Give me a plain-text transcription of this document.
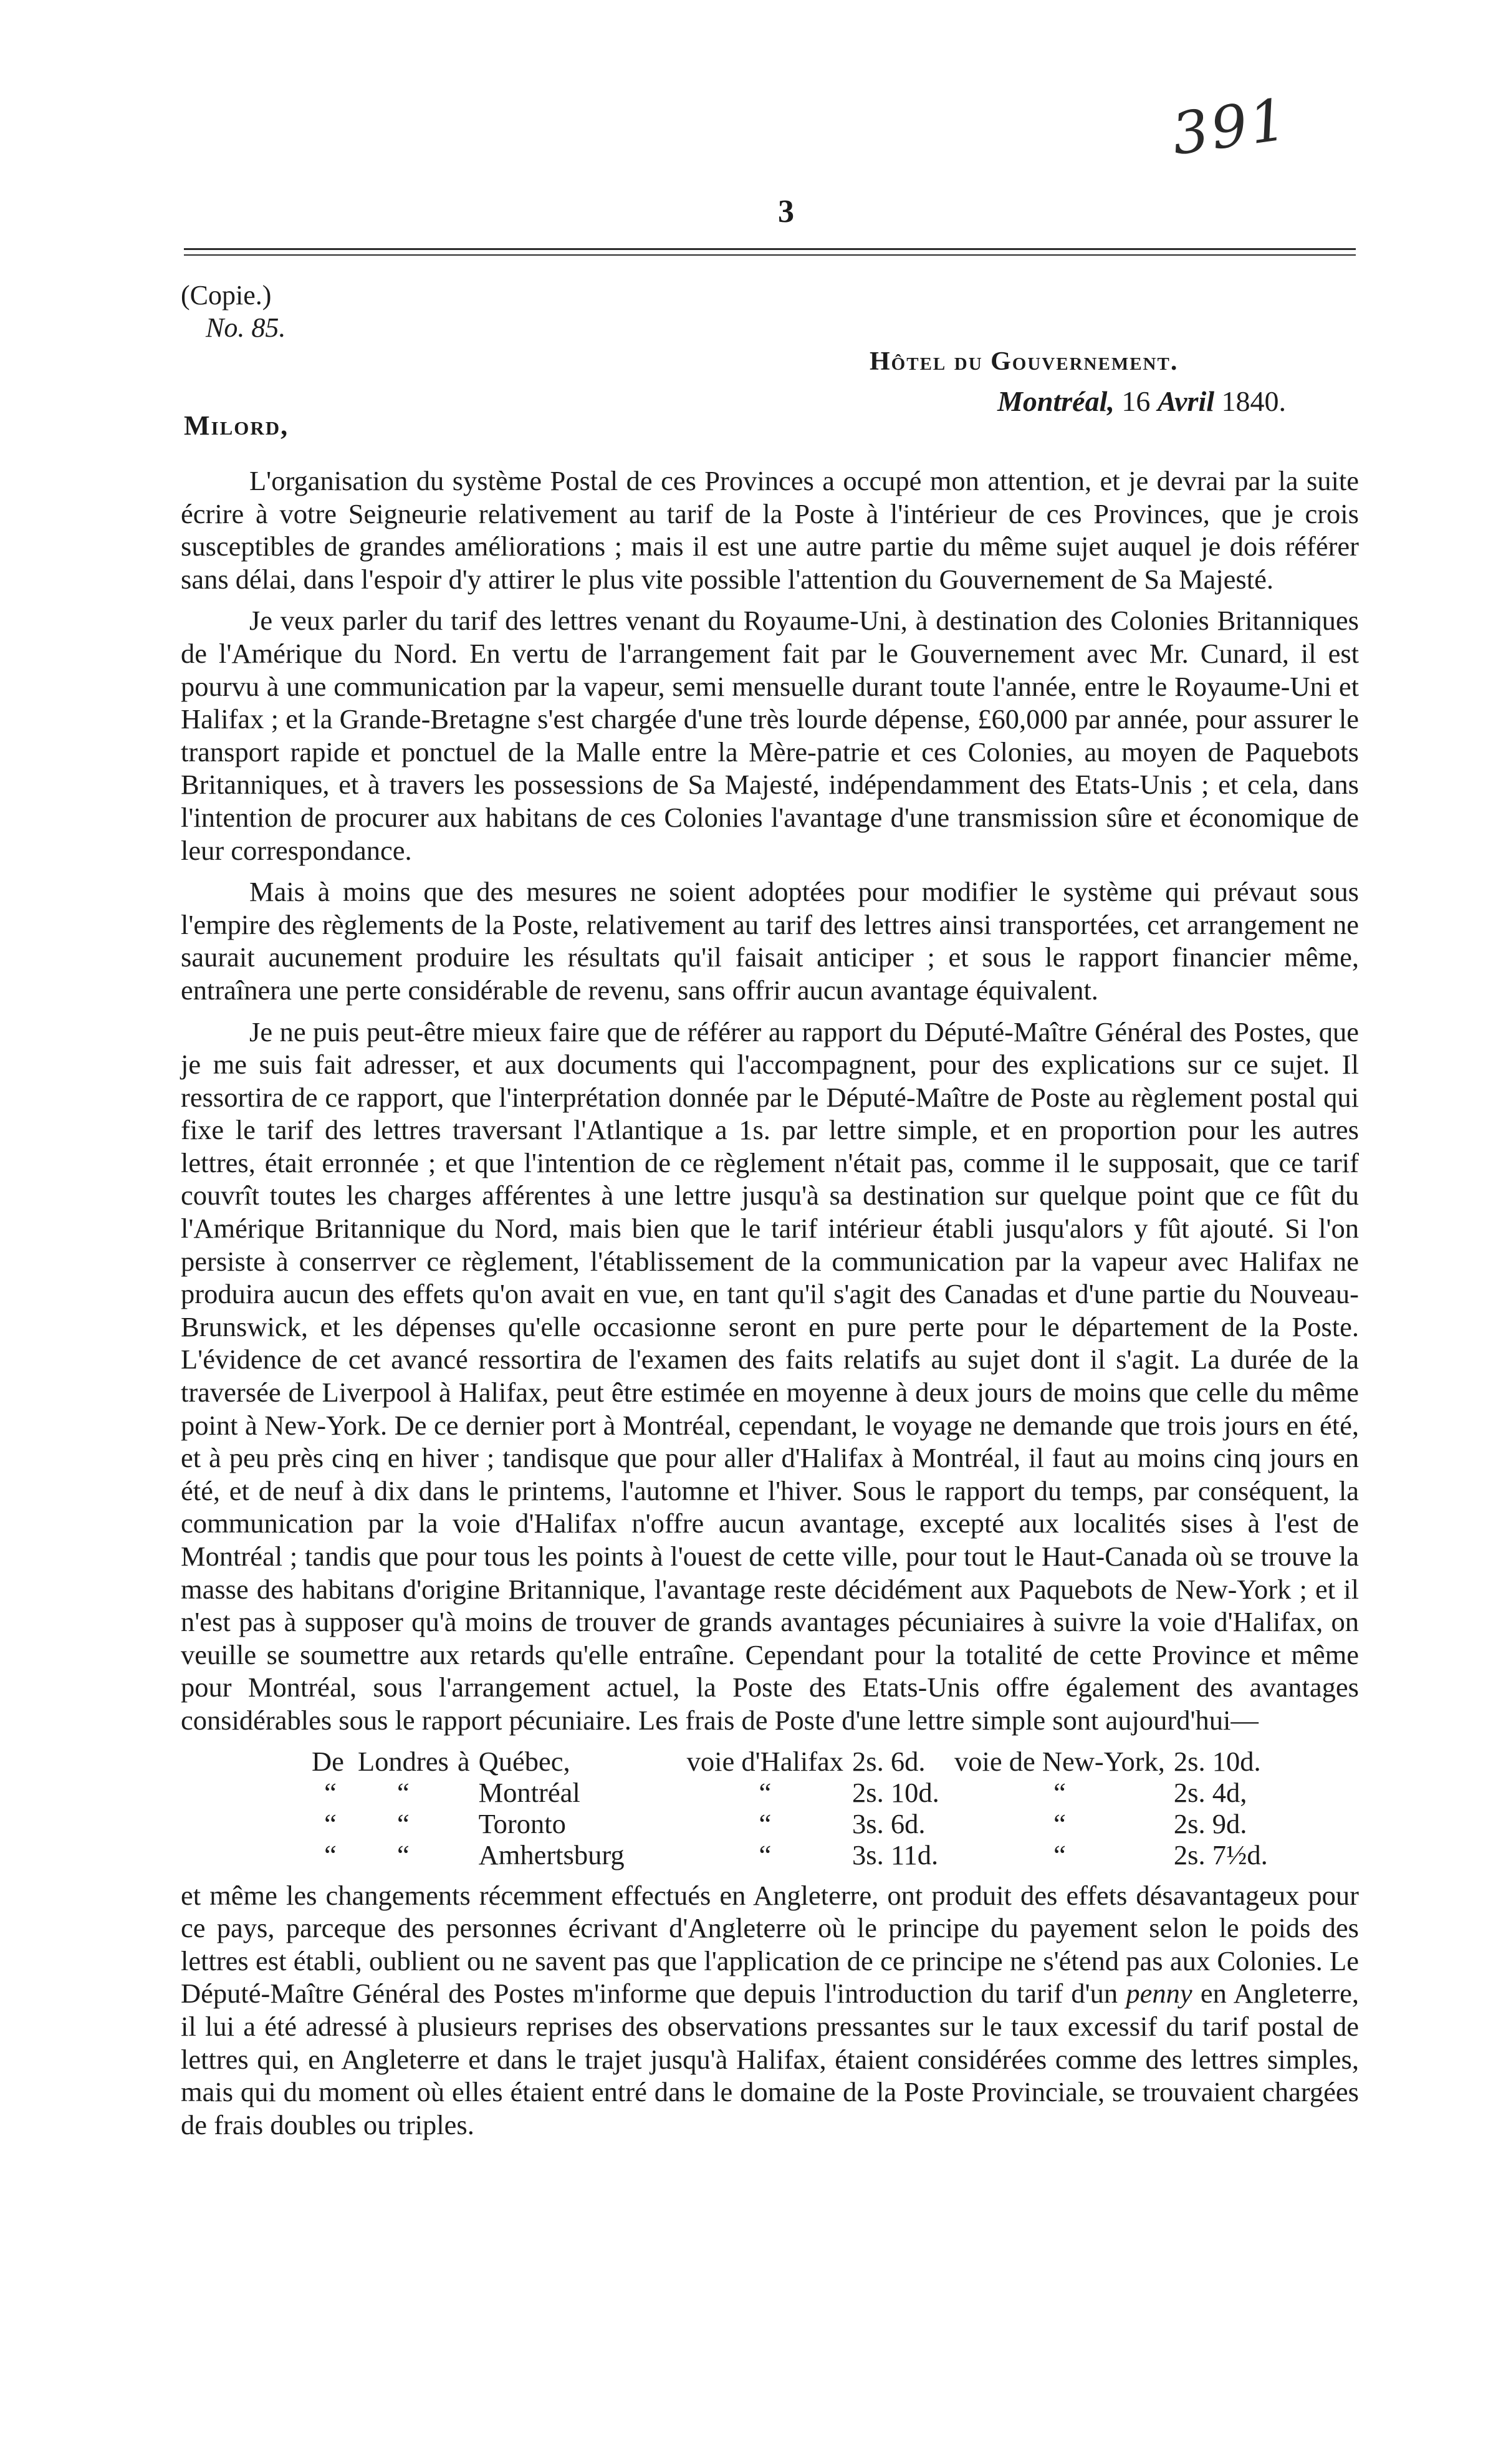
391
3
(Copie.)
No. 85.
Hôtel du Gouvernement.
Montréal, 16 Avril 1840.
Milord,

L'organisation du système Postal de ces Provinces a occupé mon attention, et je devrai par la suite écrire à votre Seigneurie relativement au tarif de la Poste à l'intérieur de ces Provinces, que je crois susceptibles de grandes améliorations ; mais il est une autre partie du même sujet auquel je dois référer sans délai, dans l'espoir d'y attirer le plus vite possible l'attention du Gouvernement de Sa Majesté.

Je veux parler du tarif des lettres venant du Royaume-Uni, à destination des Colonies Britanniques de l'Amérique du Nord. En vertu de l'arrangement fait par le Gouvernement avec Mr. Cunard, il est pourvu à une communication par la vapeur, semi mensuelle durant toute l'année, entre le Royaume-Uni et Halifax ; et la Grande-Bretagne s'est chargée d'une très lourde dépense, £60,000 par année, pour assurer le transport rapide et ponctuel de la Malle entre la Mère-patrie et ces Colonies, au moyen de Paquebots Britanniques, et à travers les possessions de Sa Majesté, indépendamment des Etats-Unis ; et cela, dans l'intention de procurer aux habitans de ces Colonies l'avantage d'une transmission sûre et économique de leur correspondance.

Mais à moins que des mesures ne soient adoptées pour modifier le système qui prévaut sous l'empire des règlements de la Poste, relativement au tarif des lettres ainsi transportées, cet arrangement ne saurait aucunement produire les résultats qu'il faisait anticiper ; et sous le rapport financier même, entraînera une perte considérable de revenu, sans offrir aucun avantage équivalent.

Je ne puis peut-être mieux faire que de référer au rapport du Député-Maître Général des Postes, que je me suis fait adresser, et aux documents qui l'accompagnent, pour des explications sur ce sujet. Il ressortira de ce rapport, que l'interprétation donnée par le Député-Maître de Poste au règlement postal qui fixe le tarif des lettres traversant l'Atlantique a 1s. par lettre simple, et en proportion pour les autres lettres, était erronnée ; et que l'intention de ce règlement n'était pas, comme il le supposait, que ce tarif couvrît toutes les charges afférentes à une lettre jusqu'à sa destination sur quelque point que ce fût du l'Amérique Britannique du Nord, mais bien que le tarif intérieur établi jusqu'alors y fût ajouté. Si l'on persiste à conserrver ce règlement, l'établissement de la communication par la vapeur avec Halifax ne produira aucun des effets qu'on avait en vue, en tant qu'il s'agit des Canadas et d'une partie du Nouveau-Brunswick, et les dépenses qu'elle occasionne seront en pure perte pour le département de la Poste. L'évidence de cet avancé ressortira de l'examen des faits relatifs au sujet dont il s'agit. La durée de la traversée de Liverpool à Halifax, peut être estimée en moyenne à deux jours de moins que celle du même point à New-York. De ce dernier port à Montréal, cependant, le voyage ne demande que trois jours en été, et à peu près cinq en hiver ; tandisque que pour aller d'Halifax à Montréal, il faut au moins cinq jours en été, et de neuf à dix dans le printems, l'automne et l'hiver. Sous le rapport du temps, par conséquent, la communication par la voie d'Halifax n'offre aucun avantage, excepté aux localités sises à l'est de Montréal ; tandis que pour tous les points à l'ouest de cette ville, pour tout le Haut-Canada où se trouve la masse des habitans d'origine Britannique, l'avantage reste décidément aux Paquebots de New-York ; et il n'est pas à supposer qu'à moins de trouver de grands avantages pécuniaires à suivre la voie d'Halifax, on veuille se soumettre aux retards qu'elle entraîne. Cependant pour la totalité de cette Province et même pour Montréal, sous l'arrangement actuel, la Poste des Etats-Unis offre également des avantages considérables sous le rapport pécuniaire. Les frais de Poste d'une lettre simple sont aujourd'hui—

De	Londres	à	Québec,	voie d'Halifax	2s. 6d.	voie de New-York,	2s. 10d.
“	“		Montréal	“	2s. 10d.	“	2s. 4d,
“	“		Toronto	“	3s. 6d.	“	2s. 9d.
“	“		Amhertsburg	“	3s. 11d.	“	2s. 7½d.

et même les changements récemment effectués en Angleterre, ont produit des effets désavantageux pour ce pays, parceque des personnes écrivant d'Angleterre où le principe du payement selon le poids des lettres est établi, oublient ou ne savent pas que l'application de ce principe ne s'étend pas aux Colonies. Le Député-Maître Général des Postes m'informe que depuis l'introduction du tarif d'un penny en Angleterre, il lui a été adressé à plusieurs reprises des observations pressantes sur le taux excessif du tarif postal de lettres qui, en Angleterre et dans le trajet jusqu'à Halifax, étaient considérées comme des lettres simples, mais qui du moment où elles étaient entré dans le domaine de la Poste Provinciale, se trouvaient chargées de frais doubles ou triples.
